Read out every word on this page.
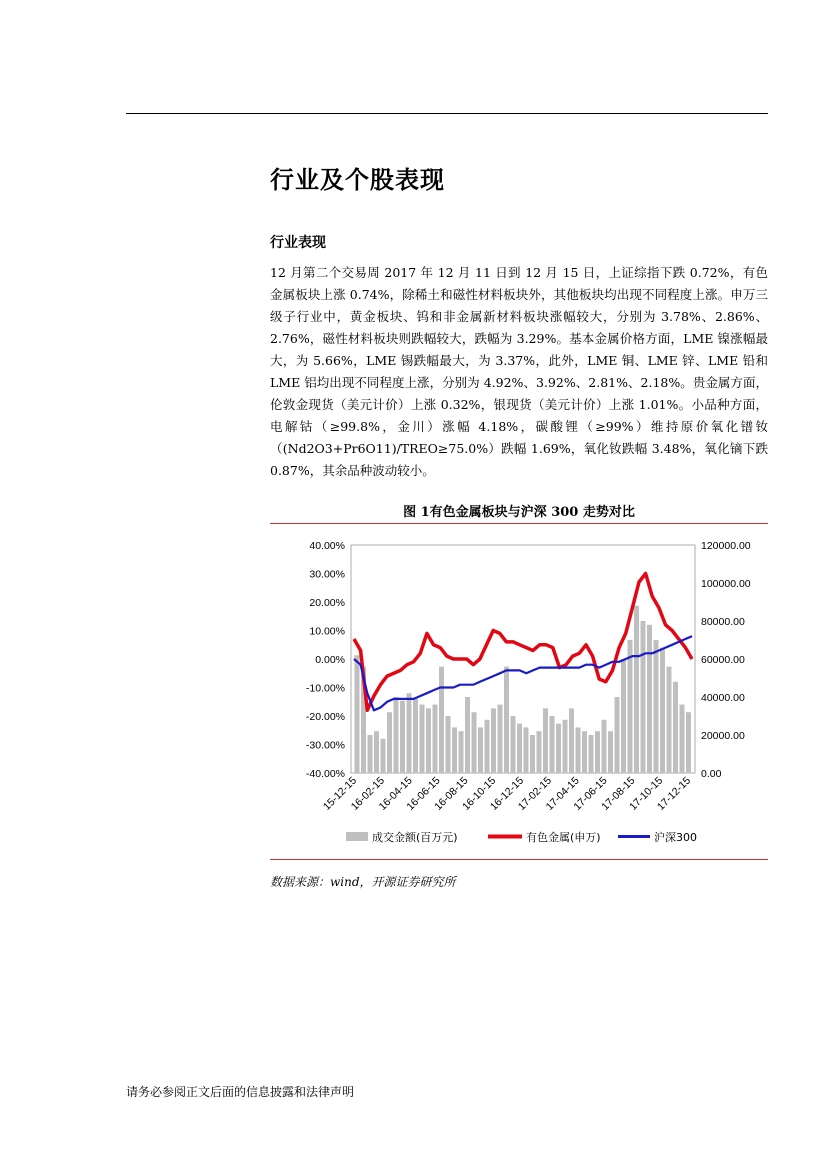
行业及个股表现
行业表现

12 月第二个交易周 2017 年 12 月 11 日到 12 月 15 日，上证综指下跌 0.72%，有色金属板块上涨 0.74%，除稀土和磁性材料板块外，其他板块均出现不同程度上涨。申万三级子行业中，黄金板块、钨和非金属新材料板块涨幅较大，分别为 3.78%、2.86%、2.76%，磁性材料板块则跌幅较大，跌幅为 3.29%。基本金属价格方面，LME 镍涨幅最大，为 5.66%，LME 锡跌幅最大，为 3.37%，此外，LME 铜、LME 锌、LME 铅和 LME 铝均出现不同程度上涨，分别为 4.92%、3.92%、2.81%、2.18%。贵金属方面，伦敦金现货（美元计价）上涨 0.32%，银现货（美元计价）上涨 1.01%。小品种方面，电解钴（≥99.8%，金川）涨幅 4.18%，碳酸锂（≥99%）维持原价氧化镨钕（(Nd2O3+Pr6O11)/TREO≥75.0%）跌幅 1.69%，氧化钕跌幅 3.48%，氧化镝下跌 0.87%，其余品种波动较小。

图 1有色金属板块与沪深 300 走势对比
40.00%
30.00%
20.00%
10.00%
0.00%
-10.00%
-20.00%
-30.00%
-40.00%
120000.00
100000.00
80000.00
60000.00
40000.00
20000.00
0.00
15-12-15
16-02-15
16-04-15
16-06-15
16-08-15
16-10-15
16-12-15
17-02-15
17-04-15
17-06-15
17-08-15
17-10-15
17-12-15
成交金额(百万元)	有色金属(申万)	沪深300
数据来源：wind，开源证券研究所
请务必参阅正文后面的信息披露和法律声明
